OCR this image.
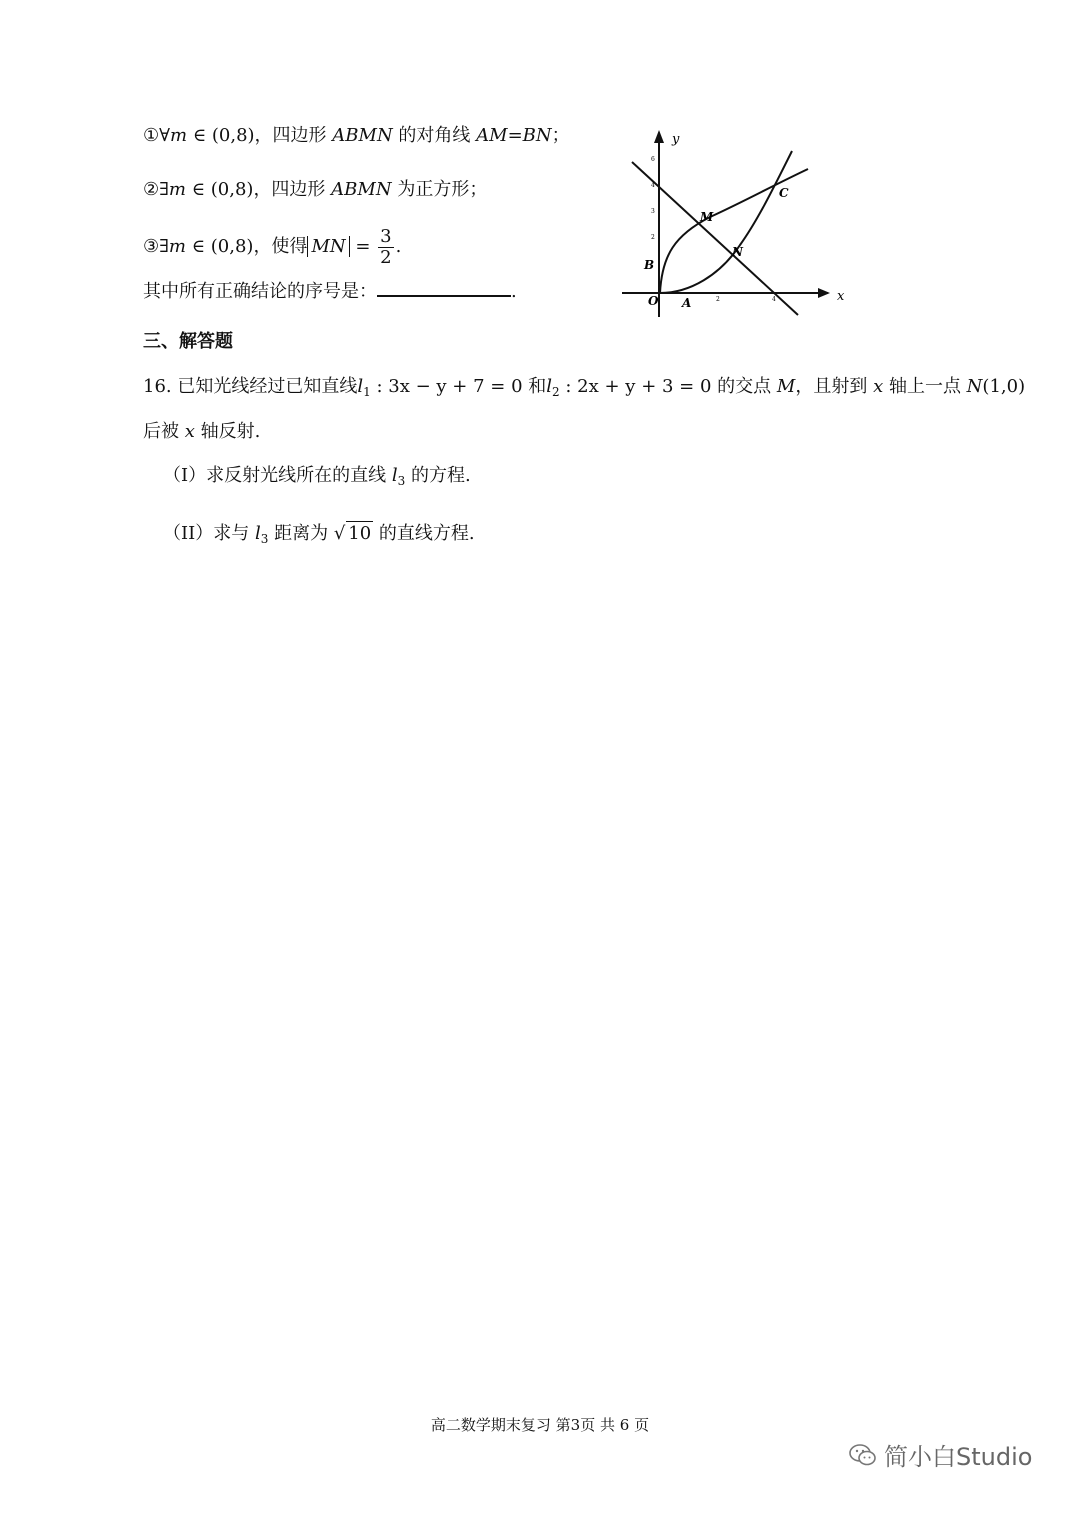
①∀m ∈ (0,8)，四边形 ABMN 的对角线 AM=BN；
②∃m ∈ (0,8)，四边形 ABMN 为正方形；
③∃m ∈ (0,8)，使得 MN = $\frac{3}{2}$ .
其中所有正确结论的序号是：	.	2	4
2
3
4
6
y
x
O A
B
C
M
N
三、解答题
16. 已知光线经过已知直线$l_1$ : 3x − y + 7 = 0 和$l_2$ : 2x + y + 3 = 0 的交点 M，且射到 x 轴上一点 N(1,0)
后被 x 轴反射.
（I）求反射光线所在的直线 $l_3$ 的方程.
（II）求与 $l_3$ 距离为 √ 10 的直线方程.
高二数学期末复习 第3页 共 6 页
简小白Studio
